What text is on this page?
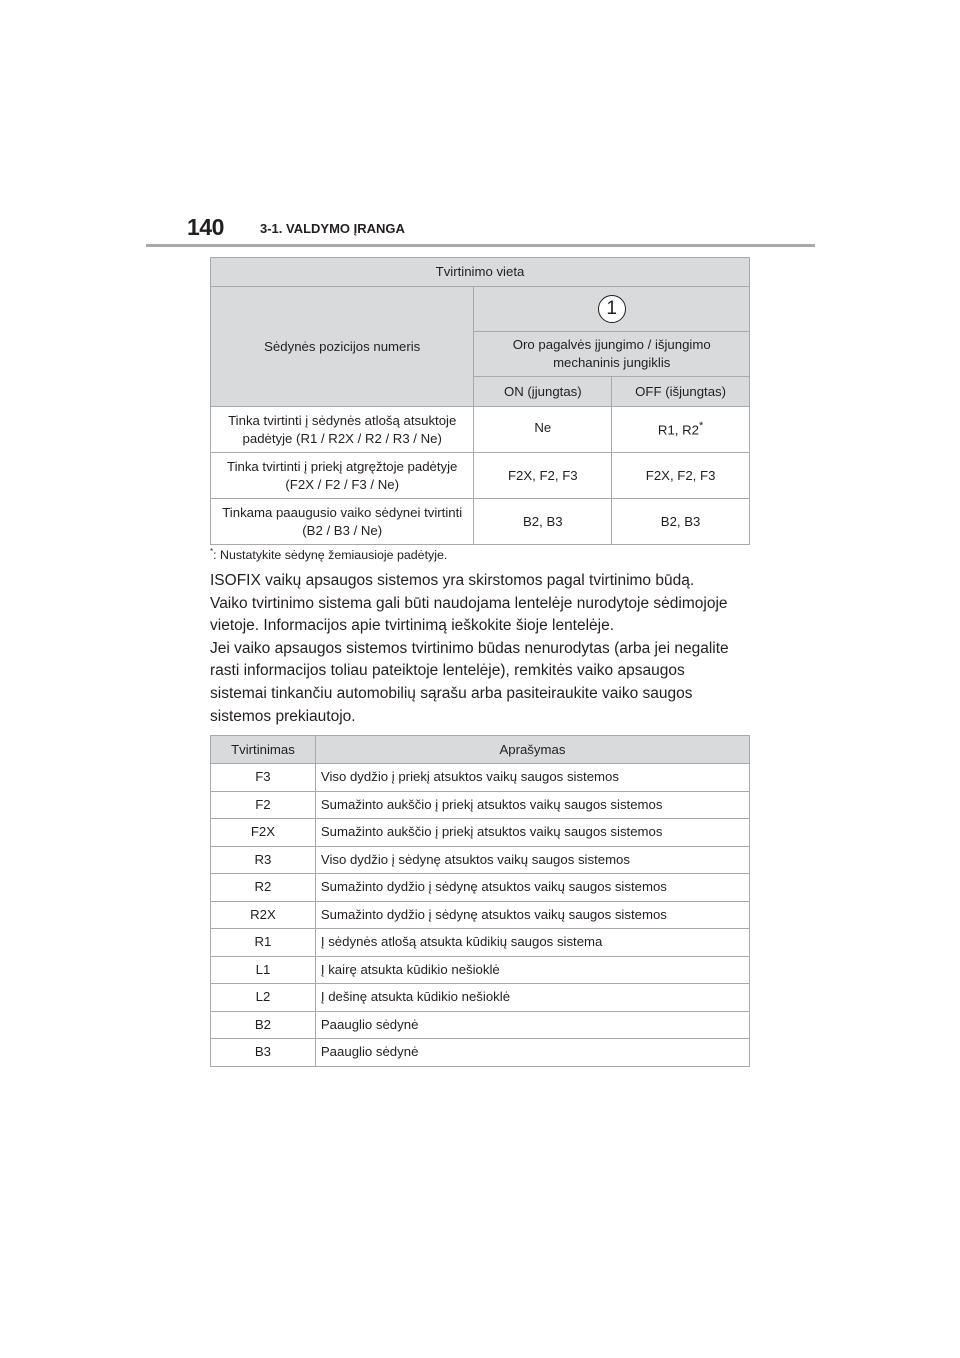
140	3-1. VALDYMO ĮRANGA
Tvirtinimo vieta		
Sėdynės pozicijos numeris	1	
	Oro pagalvės įjungimo / išjungimo mechaninis jungiklis	
	ON (įjungtas)	OFF (išjungtas)
Tinka tvirtinti į sėdynės atlošą atsuktoje padėtyje (R1 / R2X / R2 / R3 / Ne)	Ne	R1, R2*
Tinka tvirtinti į priekį atgręžtoje padėtyje (F2X / F2 / F3 / Ne)	F2X, F2, F3	F2X, F2, F3
Tinkama paaugusio vaiko sėdynei tvirtinti (B2 / B3 / Ne)	B2, B3	B2, B3
*: Nustatykite sėdynę žemiausioje padėtyje.

ISOFIX vaikų apsaugos sistemos yra skirstomos pagal tvirtinimo būdą.

Vaiko tvirtinimo sistema gali būti naudojama lentelėje nurodytoje sėdimojoje

vietoje. Informacijos apie tvirtinimą ieškokite šioje lentelėje.

Jei vaiko apsaugos sistemos tvirtinimo būdas nenurodytas (arba jei negalite

rasti informacijos toliau pateiktoje lentelėje), remkitės vaiko apsaugos

sistemai tinkančiu automobilių sąrašu arba pasiteiraukite vaiko saugos

sistemos prekiautojo.

Tvirtinimas	Aprašymas
F3	Viso dydžio į priekį atsuktos vaikų saugos sistemos
F2	Sumažinto aukščio į priekį atsuktos vaikų saugos sistemos
F2X	Sumažinto aukščio į priekį atsuktos vaikų saugos sistemos
R3	Viso dydžio į sėdynę atsuktos vaikų saugos sistemos
R2	Sumažinto dydžio į sėdynę atsuktos vaikų saugos sistemos
R2X	Sumažinto dydžio į sėdynę atsuktos vaikų saugos sistemos
R1	Į sėdynės atlošą atsukta kūdikių saugos sistema
L1	Į kairę atsukta kūdikio nešioklė
L2	Į dešinę atsukta kūdikio nešioklė
B2	Paauglio sėdynė
B3	Paauglio sėdynė
